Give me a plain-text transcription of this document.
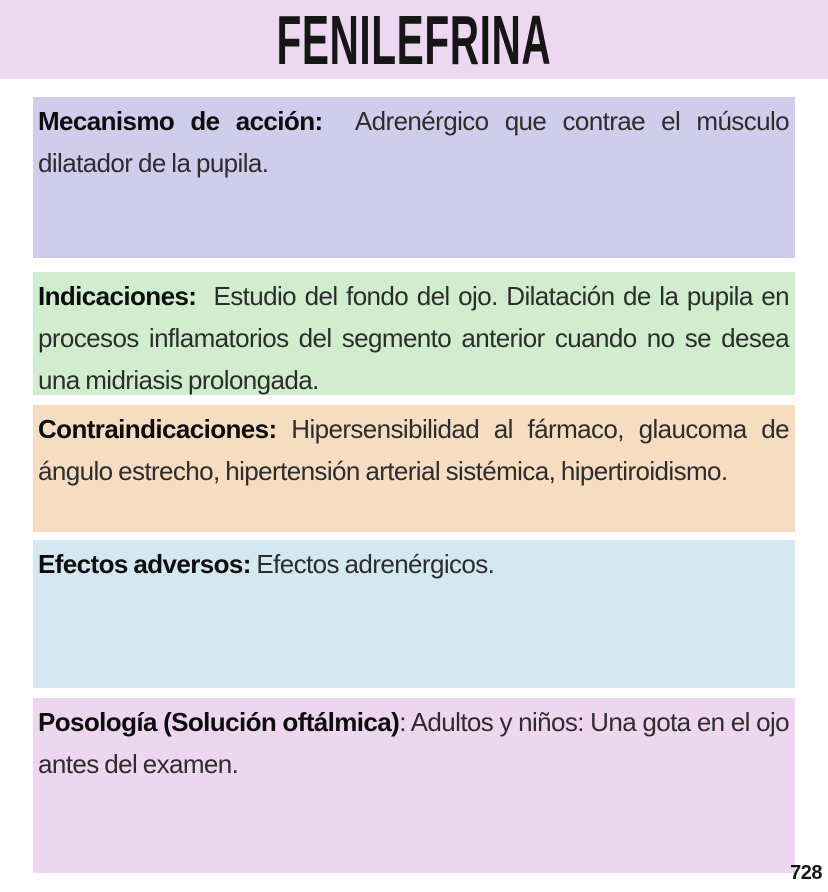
FENILEFRINA

Mecanismo de acción:  Adrenérgico que contrae el músculo dilatador de la pupila.

Indicaciones:  Estudio del fondo del ojo. Dilatación de la pupila en procesos inflamatorios del segmento anterior cuando no se desea una midriasis prolongada.

Contraindicaciones: Hipersensibilidad al fármaco, glaucoma de ángulo estrecho, hipertensión arterial sistémica, hipertiroidismo.

Efectos adversos: Efectos adrenérgicos.

Posología (Solución oftálmica): Adultos y niños: Una gota en el ojo antes del examen.

728
